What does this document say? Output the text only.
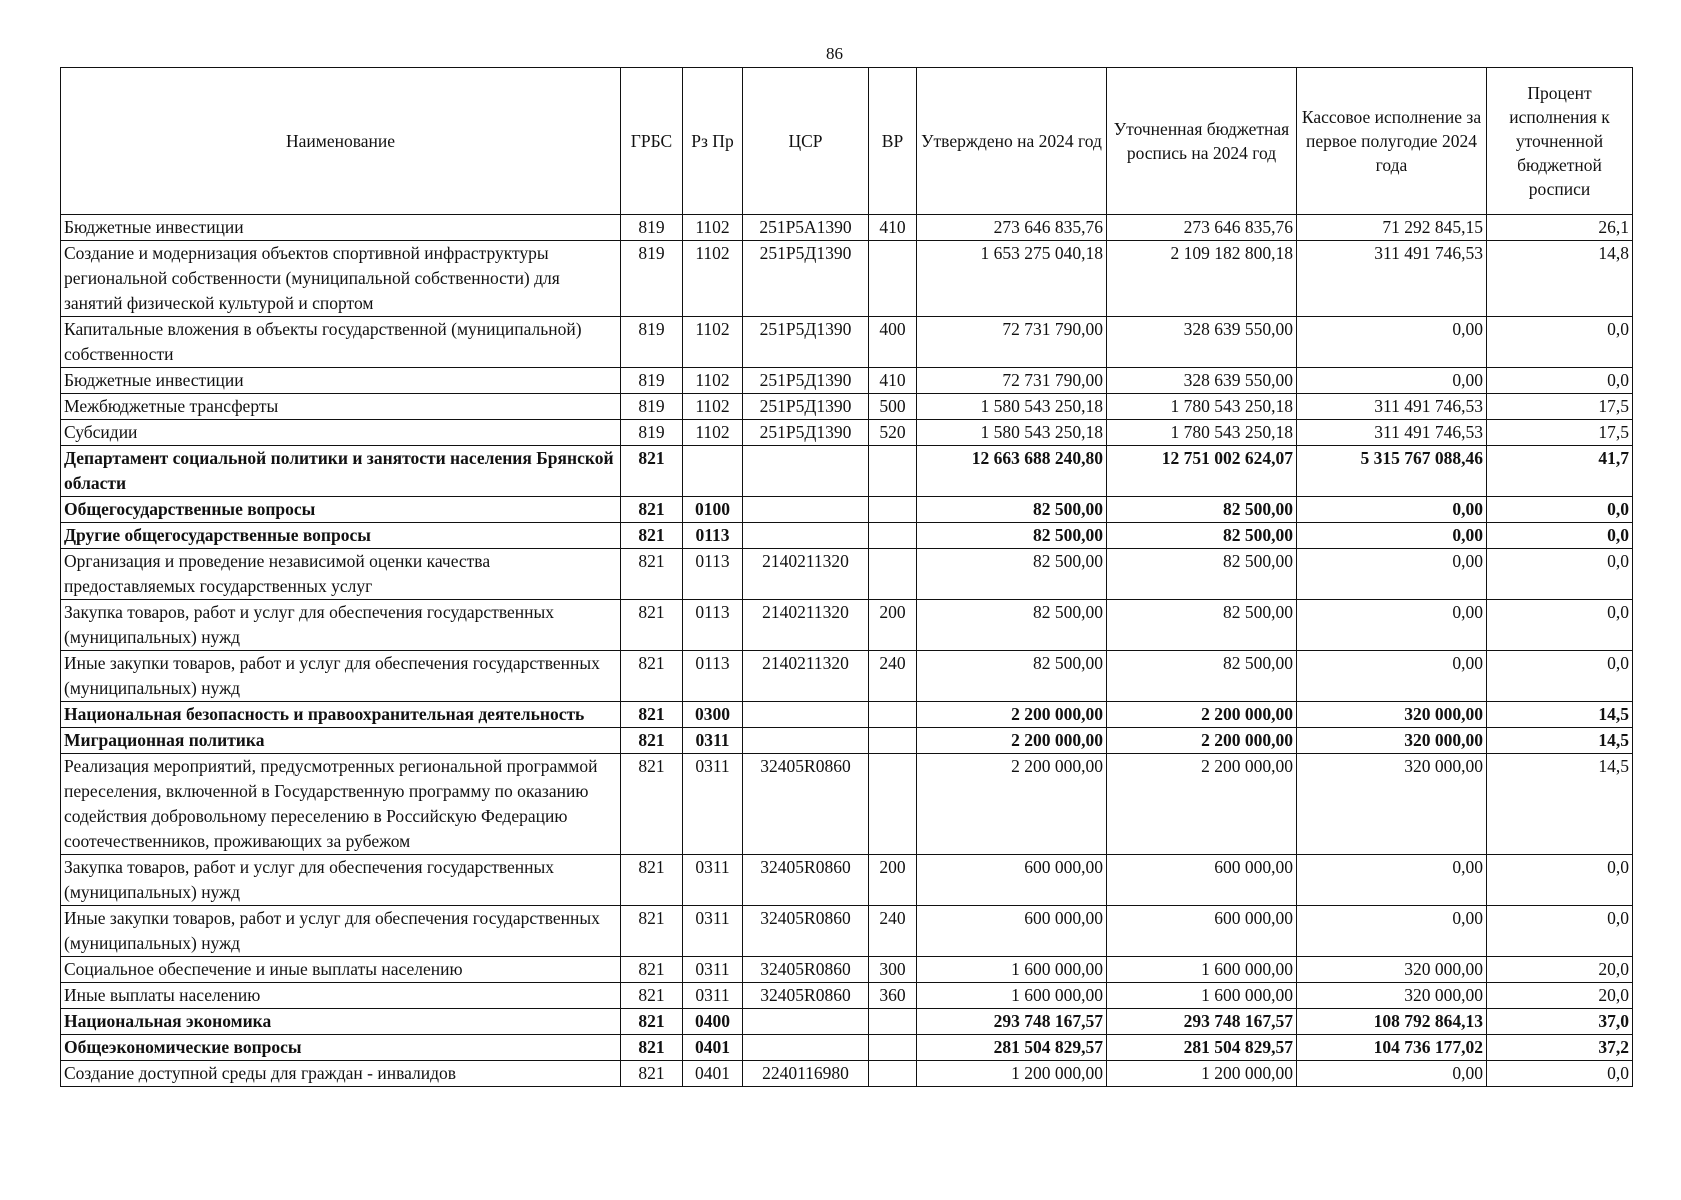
86
Наименование	ГРБС	Рз Пр	ЦСР	ВР	Утверждено на 2024 год	Уточненная бюджетная роспись на 2024 год	Кассовое исполнение за первое полугодие 2024 года	Процент исполнения к уточненной бюджетной росписи
Бюджетные инвестиции	819	1102	251P5A1390	410	273 646 835,76	273 646 835,76	71 292 845,15	26,1
Создание и модернизация объектов спортивной инфраструктуры региональной собственности (муниципальной собственности) для занятий физической культурой и спортом	819	1102	251P5Д1390		1 653 275 040,18	2 109 182 800,18	311 491 746,53	14,8
Капитальные вложения в объекты государственной (муниципальной) собственности	819	1102	251P5Д1390	400	72 731 790,00	328 639 550,00	0,00	0,0
Бюджетные инвестиции	819	1102	251P5Д1390	410	72 731 790,00	328 639 550,00	0,00	0,0
Межбюджетные трансферты	819	1102	251P5Д1390	500	1 580 543 250,18	1 780 543 250,18	311 491 746,53	17,5
Субсидии	819	1102	251P5Д1390	520	1 580 543 250,18	1 780 543 250,18	311 491 746,53	17,5
Департамент социальной политики и занятости населения Брянской области	821				12 663 688 240,80	12 751 002 624,07	5 315 767 088,46	41,7
Общегосударственные вопросы	821	0100			82 500,00	82 500,00	0,00	0,0
Другие общегосударственные вопросы	821	0113			82 500,00	82 500,00	0,00	0,0
Организация и проведение независимой оценки качества предоставляемых государственных услуг	821	0113	2140211320		82 500,00	82 500,00	0,00	0,0
Закупка товаров, работ и услуг для обеспечения государственных (муниципальных) нужд	821	0113	2140211320	200	82 500,00	82 500,00	0,00	0,0
Иные закупки товаров, работ и услуг для обеспечения государственных (муниципальных) нужд	821	0113	2140211320	240	82 500,00	82 500,00	0,00	0,0
Национальная безопасность и правоохранительная деятельность	821	0300			2 200 000,00	2 200 000,00	320 000,00	14,5
Миграционная политика	821	0311			2 200 000,00	2 200 000,00	320 000,00	14,5
Реализация мероприятий, предусмотренных региональной программой переселения, включенной в Государственную программу по оказанию содействия добровольному переселению в Российскую Федерацию соотечественников, проживающих за рубежом	821	0311	32405R0860		2 200 000,00	2 200 000,00	320 000,00	14,5
Закупка товаров, работ и услуг для обеспечения государственных (муниципальных) нужд	821	0311	32405R0860	200	600 000,00	600 000,00	0,00	0,0
Иные закупки товаров, работ и услуг для обеспечения государственных (муниципальных) нужд	821	0311	32405R0860	240	600 000,00	600 000,00	0,00	0,0
Социальное обеспечение и иные выплаты населению	821	0311	32405R0860	300	1 600 000,00	1 600 000,00	320 000,00	20,0
Иные выплаты населению	821	0311	32405R0860	360	1 600 000,00	1 600 000,00	320 000,00	20,0
Национальная экономика	821	0400			293 748 167,57	293 748 167,57	108 792 864,13	37,0
Общеэкономические вопросы	821	0401			281 504 829,57	281 504 829,57	104 736 177,02	37,2
Создание доступной среды для граждан - инвалидов	821	0401	2240116980		1 200 000,00	1 200 000,00	0,00	0,0
